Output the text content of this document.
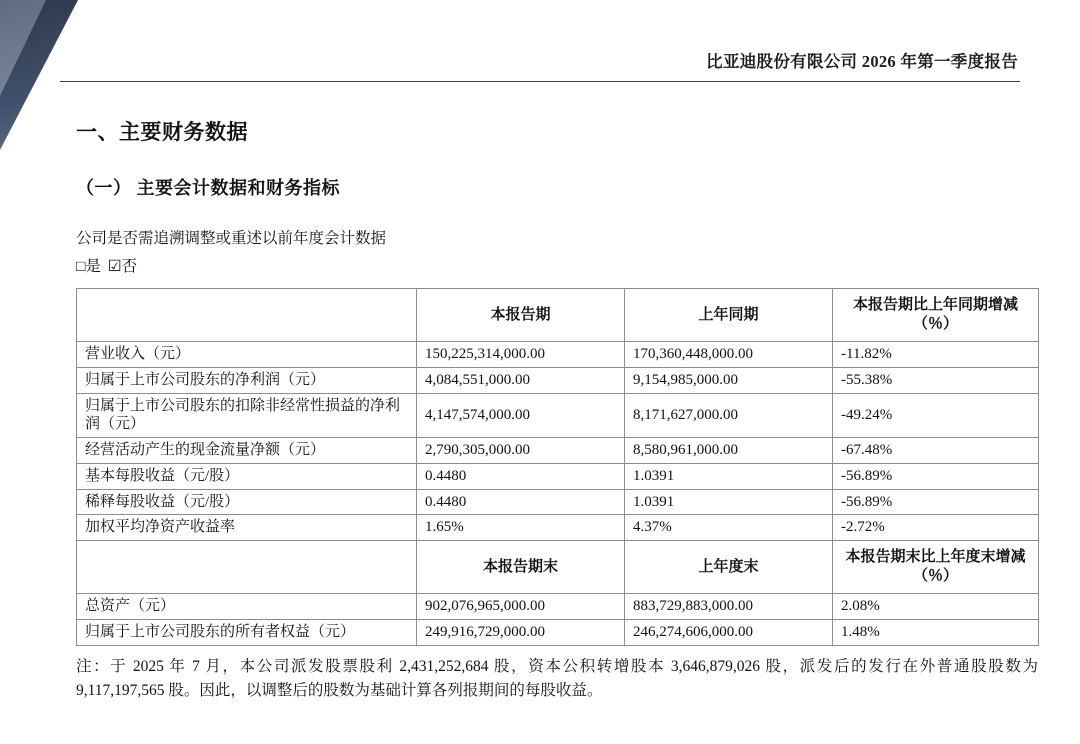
比亚迪股份有限公司 2026 年第一季度报告
一、主要财务数据
（一） 主要会计数据和财务指标
公司是否需追溯调整或重述以前年度会计数据
□是 ☑否
	本报告期	上年同期	本报告期比上年同期增减（％）
营业收入（元）	150,225,314,000.00	170,360,448,000.00	-11.82%
归属于上市公司股东的净利润（元）	4,084,551,000.00	9,154,985,000.00	-55.38%
归属于上市公司股东的扣除非经常性损益的净利润（元）	4,147,574,000.00	8,171,627,000.00	-49.24%
经营活动产生的现金流量净额（元）	2,790,305,000.00	8,580,961,000.00	-67.48%
基本每股收益（元/股）	0.4480	1.0391	-56.89%
稀释每股收益（元/股）	0.4480	1.0391	-56.89%
加权平均净资产收益率	1.65%	4.37%	-2.72%
	本报告期末	上年度末	本报告期末比上年度末增减（％）
总资产（元）	902,076,965,000.00	883,729,883,000.00	2.08%
归属于上市公司股东的所有者权益（元）	249,916,729,000.00	246,274,606,000.00	1.48%
注：于 2025 年 7 月，本公司派发股票股利 2,431,252,684 股，资本公积转增股本 3,646,879,026 股，派发后的发行在外普通股股数为 9,117,197,565 股。因此，以调整后的股数为基础计算各列报期间的每股收益。
